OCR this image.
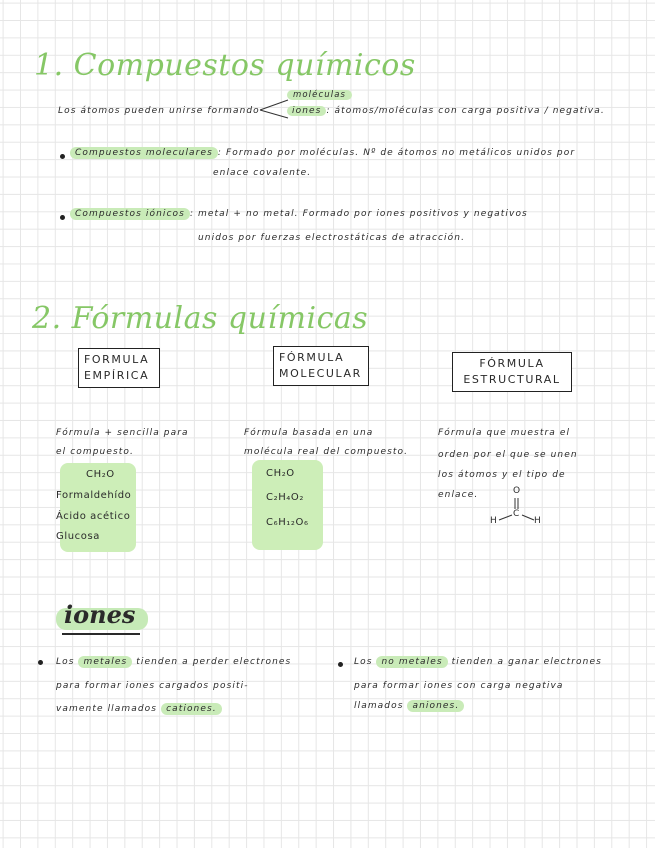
1. Compuestos químicos
Los átomos pueden unirse formando
moléculas
iones : átomos/moléculas con carga positiva / negativa.
Compuestos moleculares : Formado por moléculas. Nº de átomos no metálicos unidos por
enlace covalente.
Compuestos iónicos : metal + no metal. Formado por iones positivos y negativos
unidos por fuerzas electrostáticas de atracción.
2. Fórmulas químicas
FORMULA
EMPÍRICA
FÓRMULA
MOLECULAR
FÓRMULA
ESTRUCTURAL
Fórmula + sencilla para
el compuesto.
CH₂O
Formaldehído
Ácido acético
Glucosa
Fórmula basada en una
molécula real del compuesto.
CH₂O
C₂H₄O₂
C₆H₁₂O₆
Fórmula que muestra el
orden por el que se unen
los átomos y el tipo de
enlace.	O
C
H	H
iones
Los metales tienden a perder electrones
para formar iones cargados positi-
vamente llamados cationes.
Los no metales tienden a ganar electrones
para formar iones con carga negativa
llamados aniones.
